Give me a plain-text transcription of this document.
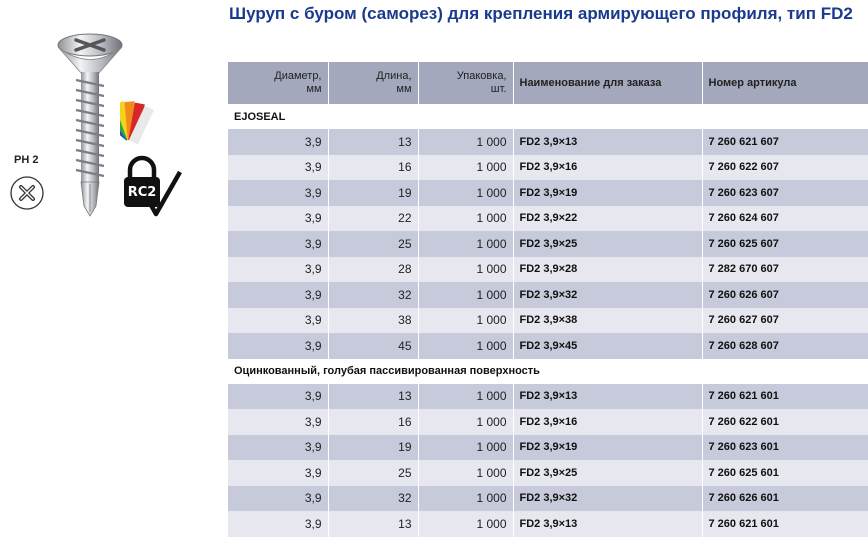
RC2
PH 2
Шуруп с буром (саморез) для крепления армирующего профиля, тип FD2
Диаметр,
мм	Длина,
мм	Упаковка,
шт.	Наименование для заказа	Номер артикула
EJOSEAL				
3,9	13	1 000	FD2 3,9×13	7 260 621 607
3,9	16	1 000	FD2 3,9×16	7 260 622 607
3,9	19	1 000	FD2 3,9×19	7 260 623 607
3,9	22	1 000	FD2 3,9×22	7 260 624 607
3,9	25	1 000	FD2 3,9×25	7 260 625 607
3,9	28	1 000	FD2 3,9×28	7 282 670 607
3,9	32	1 000	FD2 3,9×32	7 260 626 607
3,9	38	1 000	FD2 3,9×38	7 260 627 607
3,9	45	1 000	FD2 3,9×45	7 260 628 607
Оцинкованный, голубая пассивированная поверхность				
3,9	13	1 000	FD2 3,9×13	7 260 621 601
3,9	16	1 000	FD2 3,9×16	7 260 622 601
3,9	19	1 000	FD2 3,9×19	7 260 623 601
3,9	25	1 000	FD2 3,9×25	7 260 625 601
3,9	32	1 000	FD2 3,9×32	7 260 626 601
3,9	13	1 000	FD2 3,9×13	7 260 621 601
